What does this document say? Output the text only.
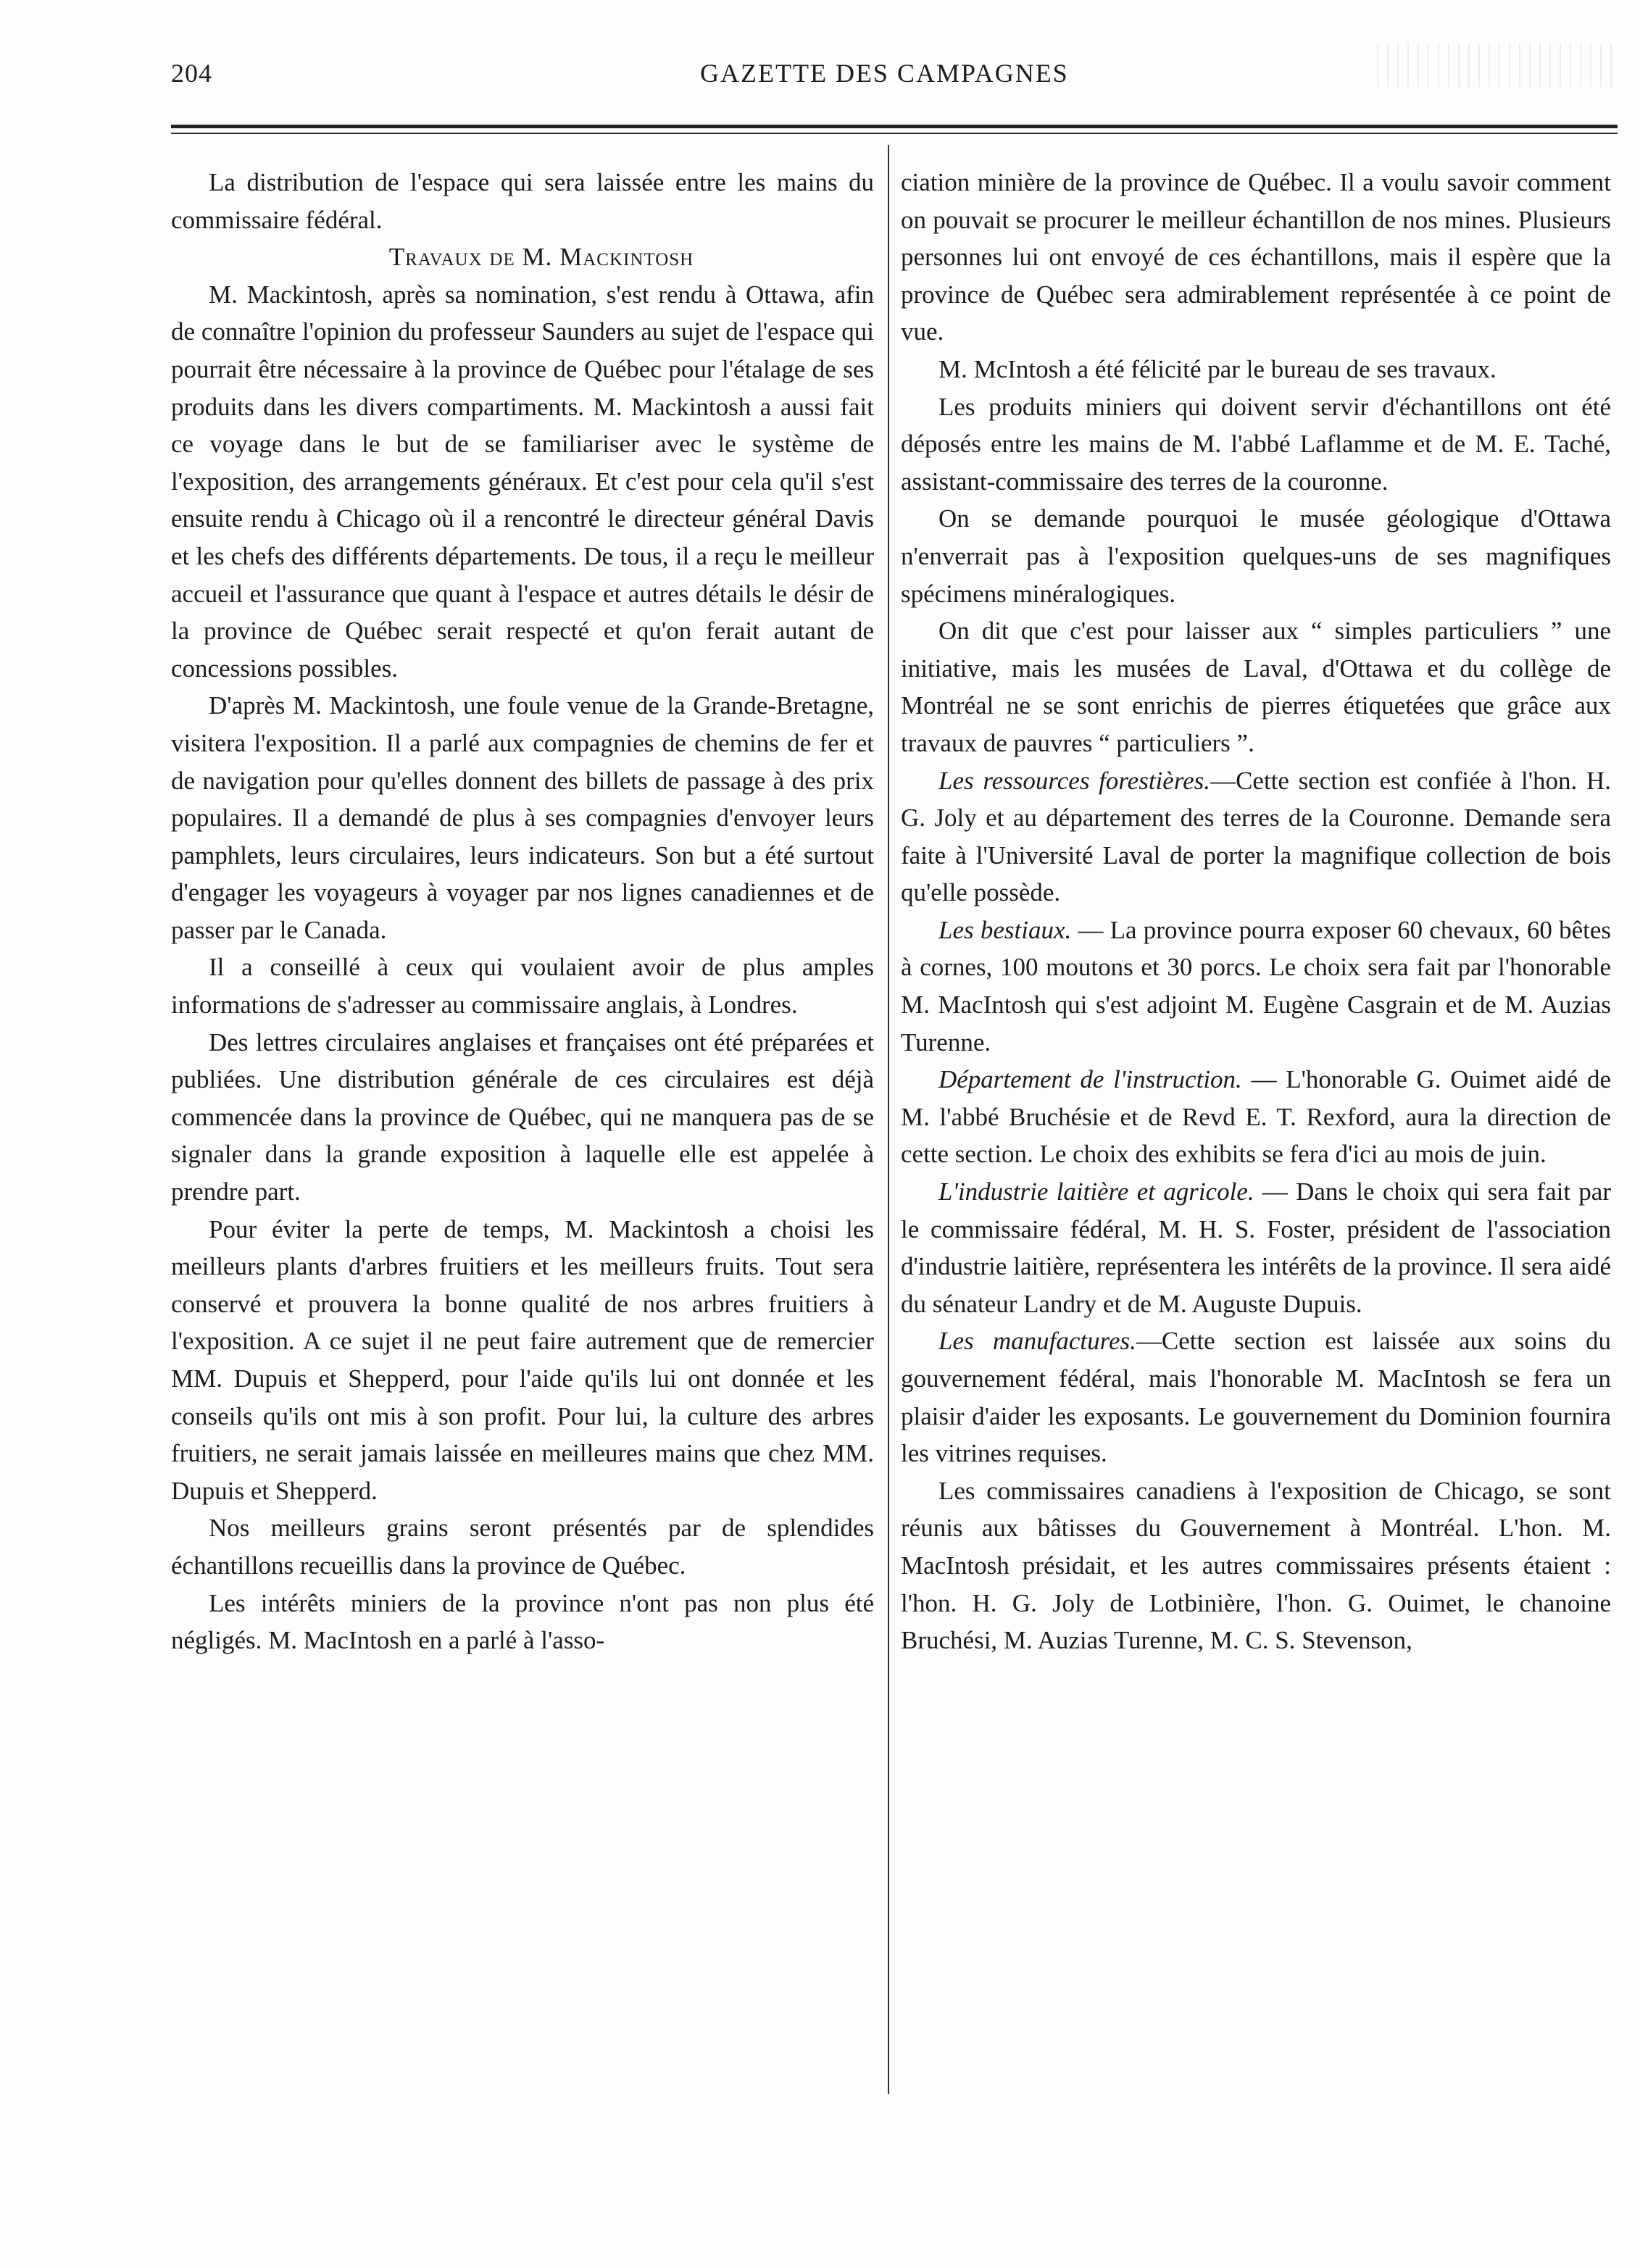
204	GAZETTE DES CAMPAGNES

La distribution de l'espace qui sera laissée entre les mains du commissaire fédéral.

Travaux de M. Mackintosh

M. Mackintosh, après sa nomination, s'est rendu à Ottawa, afin de connaître l'opinion du professeur Saunders au sujet de l'espace qui pourrait être nécessaire à la province de Québec pour l'étalage de ses produits dans les divers compartiments. M. Mackintosh a aussi fait ce voyage dans le but de se familiariser avec le système de l'exposition, des arrangements généraux. Et c'est pour cela qu'il s'est ensuite rendu à Chicago où il a rencontré le directeur général Davis et les chefs des différents départements. De tous, il a reçu le meilleur accueil et l'assurance que quant à l'espace et autres détails le désir de la province de Québec serait respecté et qu'on ferait autant de concessions possibles.

D'après M. Mackintosh, une foule venue de la Grande-Bretagne, visitera l'exposition. Il a parlé aux compagnies de chemins de fer et de navigation pour qu'elles donnent des billets de passage à des prix populaires. Il a demandé de plus à ses compagnies d'envoyer leurs pamphlets, leurs circulaires, leurs indicateurs. Son but a été surtout d'engager les voyageurs à voyager par nos lignes canadiennes et de passer par le Canada.

Il a conseillé à ceux qui voulaient avoir de plus amples informations de s'adresser au commissaire anglais, à Londres.

Des lettres circulaires anglaises et françaises ont été préparées et publiées. Une distribution générale de ces circulaires est déjà commencée dans la province de Québec, qui ne manquera pas de se signaler dans la grande exposition à laquelle elle est appelée à prendre part.

Pour éviter la perte de temps, M. Mackintosh a choisi les meilleurs plants d'arbres fruitiers et les meilleurs fruits. Tout sera conservé et prouvera la bonne qualité de nos arbres fruitiers à l'exposition. A ce sujet il ne peut faire autrement que de remercier MM. Dupuis et Shepperd, pour l'aide qu'ils lui ont donnée et les conseils qu'ils ont mis à son profit. Pour lui, la culture des arbres fruitiers, ne serait jamais laissée en meilleures mains que chez MM. Dupuis et Shepperd.

Nos meilleurs grains seront présentés par de splendides échantillons recueillis dans la province de Québec.

Les intérêts miniers de la province n'ont pas non plus été négligés. M. MacIntosh en a parlé à l'asso-

ciation minière de la province de Québec. Il a voulu savoir comment on pouvait se procurer le meilleur échantillon de nos mines. Plusieurs personnes lui ont envoyé de ces échantillons, mais il espère que la province de Québec sera admirablement représentée à ce point de vue.

M. McIntosh a été félicité par le bureau de ses travaux.

Les produits miniers qui doivent servir d'échantillons ont été déposés entre les mains de M. l'abbé Laflamme et de M. E. Taché, assistant-commissaire des terres de la couronne.

On se demande pourquoi le musée géologique d'Ottawa n'enverrait pas à l'exposition quelques-uns de ses magnifiques spécimens minéralogiques.

On dit que c'est pour laisser aux “ simples particuliers ” une initiative, mais les musées de Laval, d'Ottawa et du collège de Montréal ne se sont enrichis de pierres étiquetées que grâce aux travaux de pauvres “ particuliers ”.

Les ressources forestières.—Cette section est confiée à l'hon. H. G. Joly et au département des terres de la Couronne. Demande sera faite à l'Université Laval de porter la magnifique collection de bois qu'elle possède.

Les bestiaux. — La province pourra exposer 60 chevaux, 60 bêtes à cornes, 100 moutons et 30 porcs. Le choix sera fait par l'honorable M. MacIntosh qui s'est adjoint M. Eugène Casgrain et de M. Auzias Turenne.

Département de l'instruction. — L'honorable G. Ouimet aidé de M. l'abbé Bruchésie et de Revd E. T. Rexford, aura la direction de cette section. Le choix des exhibits se fera d'ici au mois de juin.

L'industrie laitière et agricole. — Dans le choix qui sera fait par le commissaire fédéral, M. H. S. Foster, président de l'association d'industrie laitière, représentera les intérêts de la province. Il sera aidé du sénateur Landry et de M. Auguste Dupuis.

Les manufactures.—Cette section est laissée aux soins du gouvernement fédéral, mais l'honorable M. MacIntosh se fera un plaisir d'aider les exposants. Le gouvernement du Dominion fournira les vitrines requises.

Les commissaires canadiens à l'exposition de Chicago, se sont réunis aux bâtisses du Gouvernement à Montréal. L'hon. M. MacIntosh présidait, et les autres commissaires présents étaient : l'hon. H. G. Joly de Lotbinière, l'hon. G. Ouimet, le chanoine Bruchési, M. Auzias Turenne, M. C. S. Stevenson,
